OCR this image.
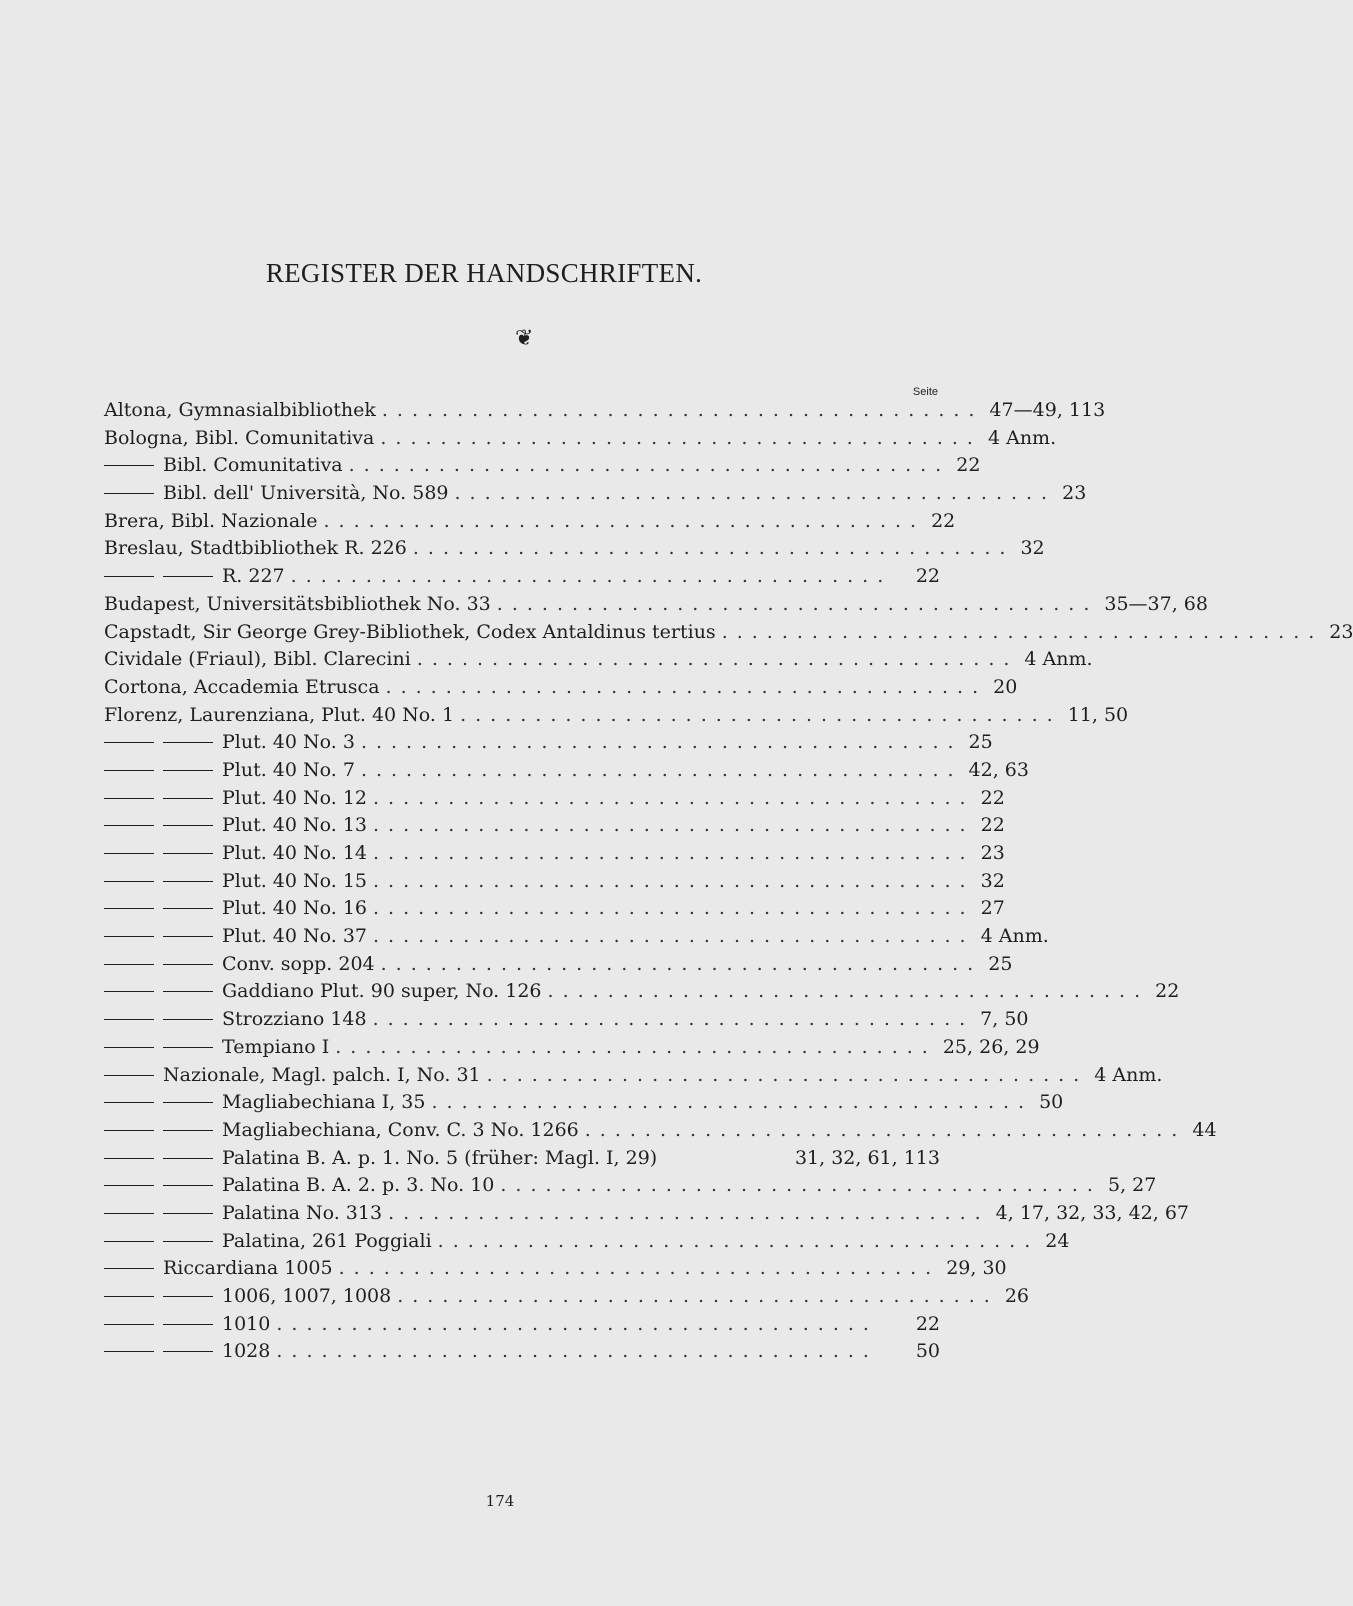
REGISTER DER HANDSCHRIFTEN.
❦
Seite
Altona, Gymnasialbibliothek ........................................ 47—49, 113
Bologna, Bibl. Comunitativa ........................................ 4 Anm.
Bibl. Comunitativa ........................................ 22
Bibl. dell' Università, No. 589 ........................................ 23
Brera, Bibl. Nazionale ........................................ 22
Breslau, Stadtbibliothek R. 226 ........................................ 32
R. 227 ........................................	22
Budapest, Universitätsbibliothek No. 33 ........................................ 35—37, 68
Capstadt, Sir George Grey-Bibliothek, Codex Antaldinus tertius ........................................ 23
Cividale (Friaul), Bibl. Clarecini ........................................ 4 Anm.
Cortona, Accademia Etrusca ........................................ 20
Florenz, Laurenziana, Plut. 40 No. 1 ........................................ 11, 50
Plut. 40 No. 3 ........................................ 25
Plut. 40 No. 7 ........................................ 42, 63
Plut. 40 No. 12 ........................................ 22
Plut. 40 No. 13 ........................................ 22
Plut. 40 No. 14 ........................................ 23
Plut. 40 No. 15 ........................................ 32
Plut. 40 No. 16 ........................................ 27
Plut. 40 No. 37 ........................................ 4 Anm.
Conv. sopp. 204 ........................................ 25
Gaddiano Plut. 90 super, No. 126 ........................................ 22
Strozziano 148 ........................................ 7, 50
Tempiano I ........................................ 25, 26, 29
Nazionale, Magl. palch. I, No. 31 ........................................ 4 Anm.
Magliabechiana I, 35 ........................................ 50
Magliabechiana, Conv. C. 3 No. 1266 ........................................ 44
Palatina B. A. p. 1. No. 5 (früher: Magl. I, 29)	31, 32, 61, 113
Palatina B. A. 2. p. 3. No. 10 ........................................ 5, 27
Palatina No. 313 ........................................ 4, 17, 32, 33, 42, 67
Palatina, 261 Poggiali ........................................ 24
Riccardiana 1005 ........................................ 29, 30
1006, 1007, 1008 ........................................ 26
1010 ........................................	22
1028 ........................................	50
174
